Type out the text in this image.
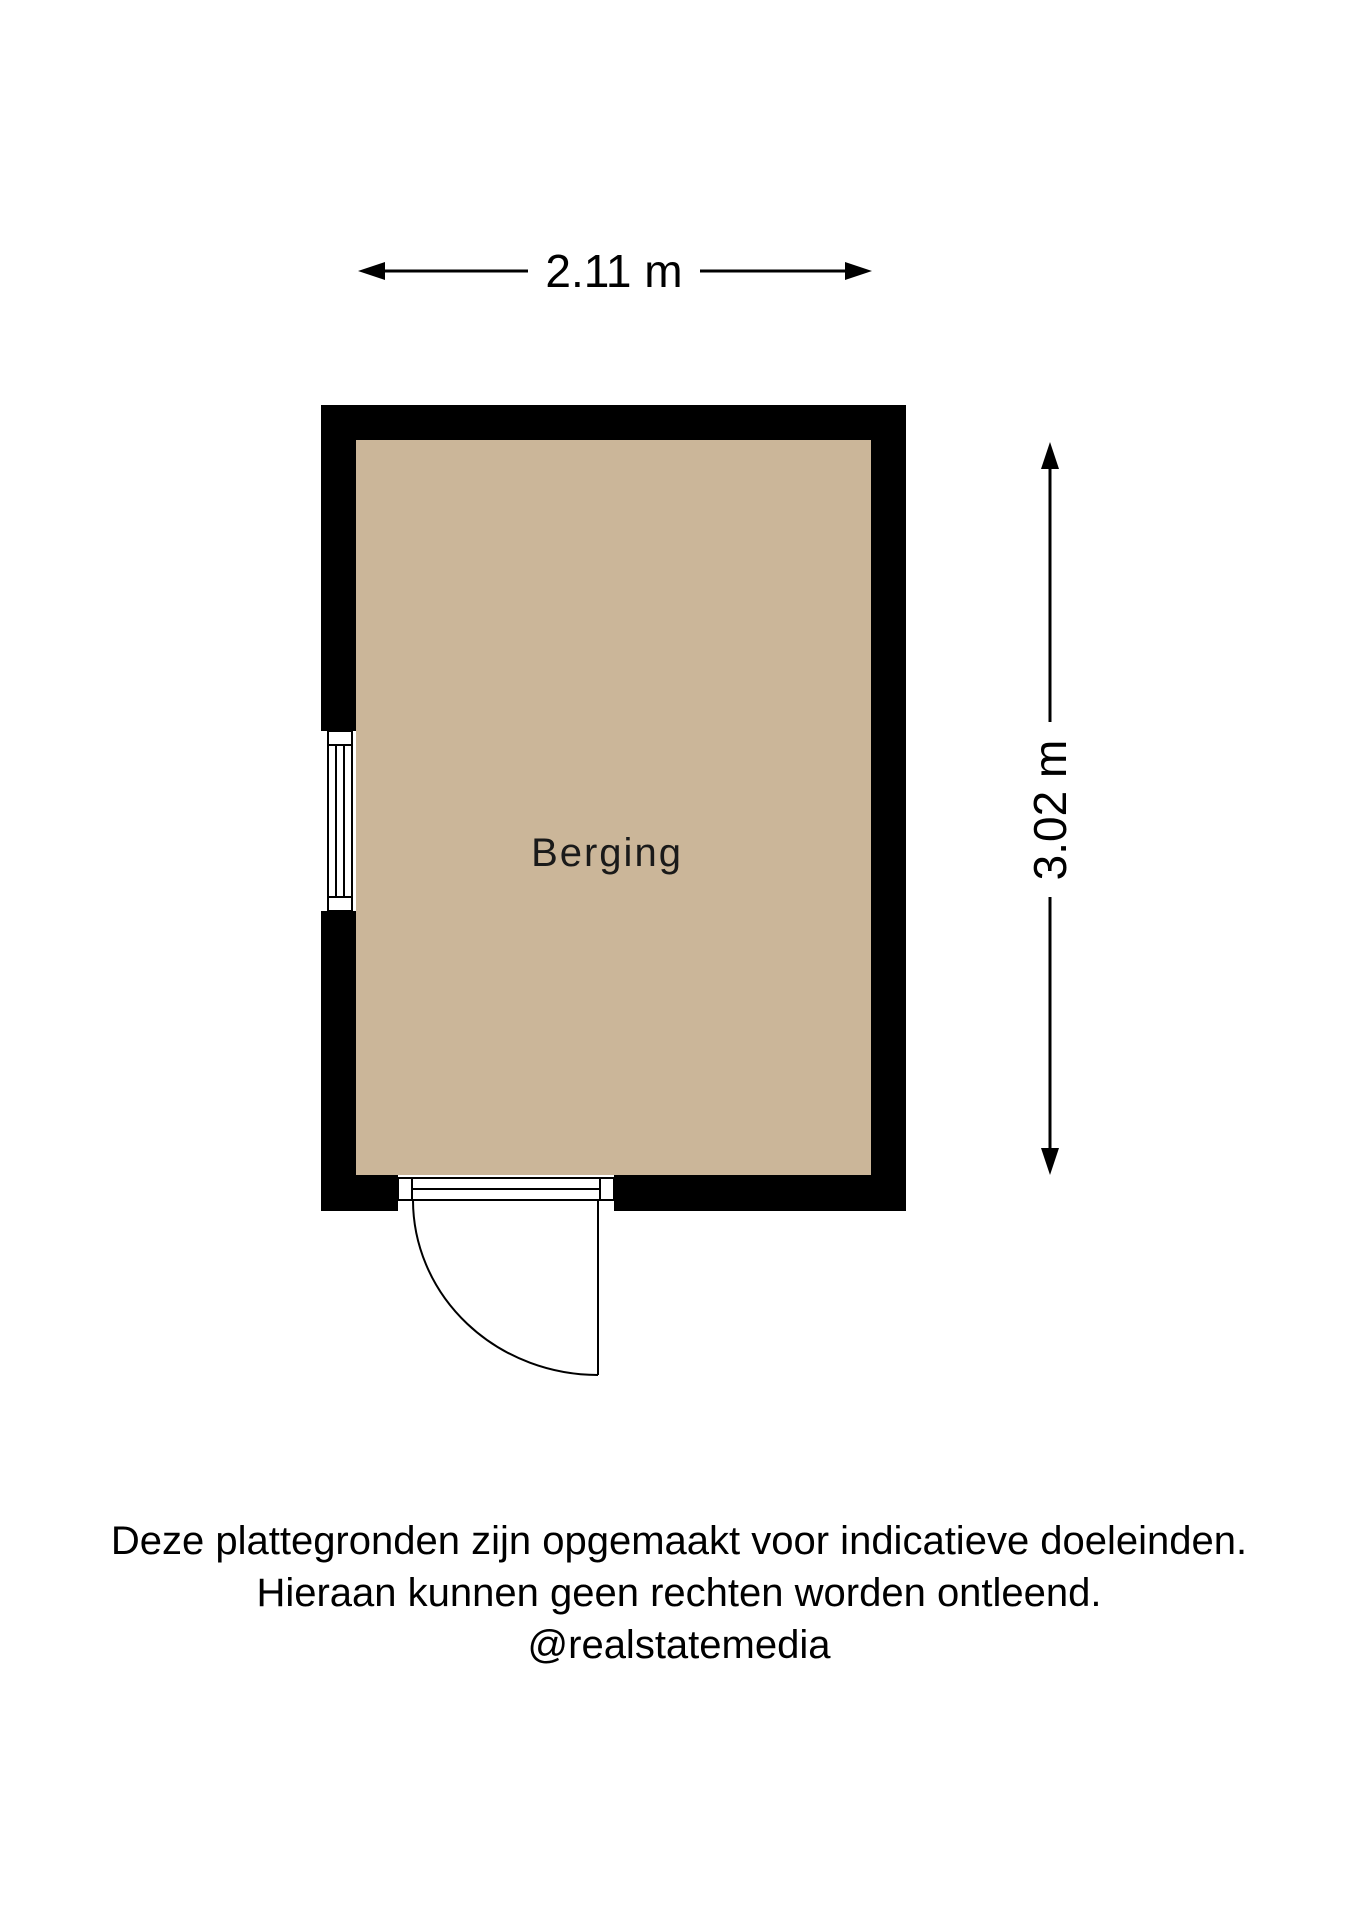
2.11 m
3.02 m
Berging
Deze plattegronden zijn opgemaakt voor indicatieve doeleinden.
Hieraan kunnen geen rechten worden ontleend.
@realstatemedia
